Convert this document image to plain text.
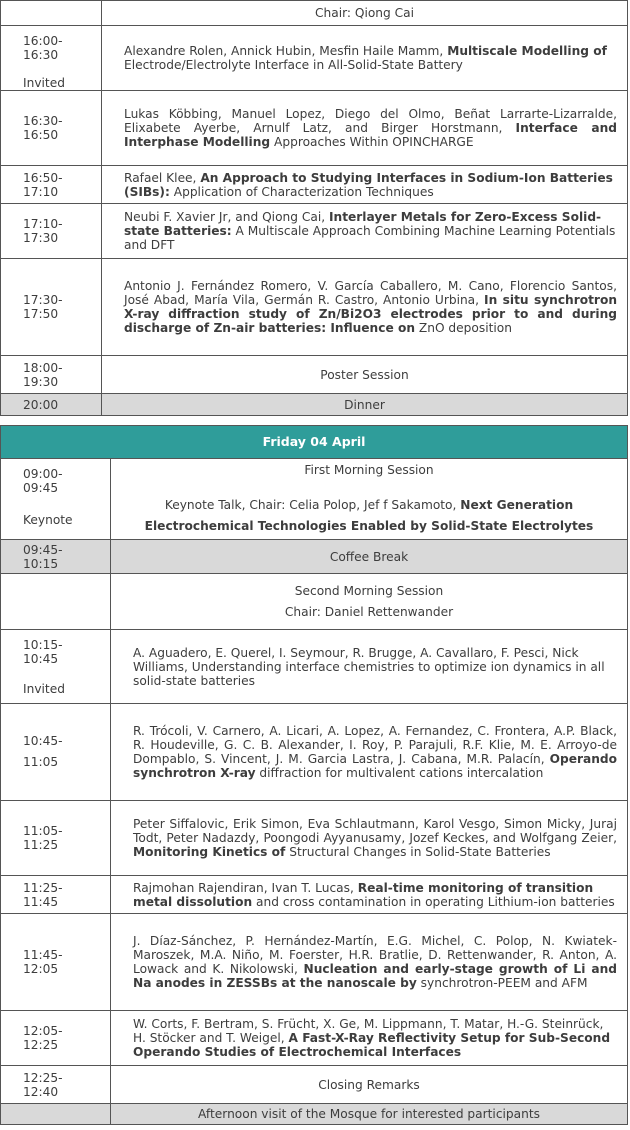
	Chair: Qiong Cai

16:00-
16:30
Invited	Alexandre Rolen, Annick Hubin, Mesfin Haile Mamm, Multiscale Modelling of Electrode/Electrolyte Interface in All-Solid-State Battery

16:30-
16:50	Lukas Köbbing, Manuel Lopez, Diego del Olmo, Beñat Larrarte-Lizarralde, Elixabete Ayerbe, Arnulf Latz, and Birger Horstmann, Interface and Interphase Modelling Approaches Within OPINCHARGE

16:50-
17:10	Rafael Klee, An Approach to Studying Interfaces in Sodium-Ion Batteries (SIBs): Application of Characterization Techniques

17:10-
17:30	Neubi F. Xavier Jr, and Qiong Cai, Interlayer Metals for Zero-Excess Solid-state Batteries: A Multiscale Approach Combining Machine Learning Potentials and DFT

17:30-
17:50	Antonio J. Fernández Romero, V. García Caballero, M. Cano, Florencio Santos, José Abad, María Vila, Germán R. Castro, Antonio Urbina, In situ synchrotron X-ray diffraction study of Zn/Bi2O3 electrodes prior to and during discharge of Zn-air batteries: Influence on ZnO deposition

18:00-
19:30	Poster Session
20:00	Dinner
Friday 04 April	

09:00-
09:45
Keynote	First Morning Session
Keynote Talk, Chair: Celia Polop, Jef f Sakamoto, Next Generation Electrochemical Technologies Enabled by Solid-State Electrolytes

09:45-
10:15	Coffee Break

	Second Morning Session
Chair: Daniel Rettenwander

10:15-
10:45
Invited	A. Aguadero, E. Querel, I. Seymour, R. Brugge, A. Cavallaro, F. Pesci, Nick Williams, Understanding interface chemistries to optimize ion dynamics in all solid-state batteries

10:45-
11:05	R. Trócoli, V. Carnero, A. Licari, A. Lopez, A. Fernandez, C. Frontera, A.P. Black, R. Houdeville, G. C. B. Alexander, I. Roy, P. Parajuli, R.F. Klie, M. E. Arroyo-de Dompablo, S. Vincent, J. M. Garcia Lastra, J. Cabana, M.R. Palacín, Operando synchrotron X-ray diffraction for multivalent cations intercalation

11:05-
11:25	Peter Siffalovic, Erik Simon, Eva Schlautmann, Karol Vesgo, Simon Micky, Juraj Todt, Peter Nadazdy, Poongodi Ayyanusamy, Jozef Keckes, and Wolfgang Zeier, Monitoring Kinetics of Structural Changes in Solid-State Batteries

11:25-
11:45	Rajmohan Rajendiran, Ivan T. Lucas, Real-time monitoring of transition metal dissolution and cross contamination in operating Lithium-ion batteries

11:45-
12:05	J. Díaz-Sánchez, P. Hernández-Martín, E.G. Michel, C. Polop, N. Kwiatek-Maroszek, M.A. Niño, M. Foerster, H.R. Bratlie, D. Rettenwander, R. Anton, A. Lowack and K. Nikolowski, Nucleation and early-stage growth of Li and Na anodes in ZESSBs at the nanoscale by synchrotron-PEEM and AFM

12:05-
12:25	W. Corts, F. Bertram, S. Frücht, X. Ge, M. Lippmann, T. Matar, H.-G. Steinrück, H. Stöcker and T. Weigel, A Fast-X-Ray Reflectivity Setup for Sub-Second Operando Studies of Electrochemical Interfaces

12:25-
12:40	Closing Remarks
	Afternoon visit of the Mosque for interested participants
